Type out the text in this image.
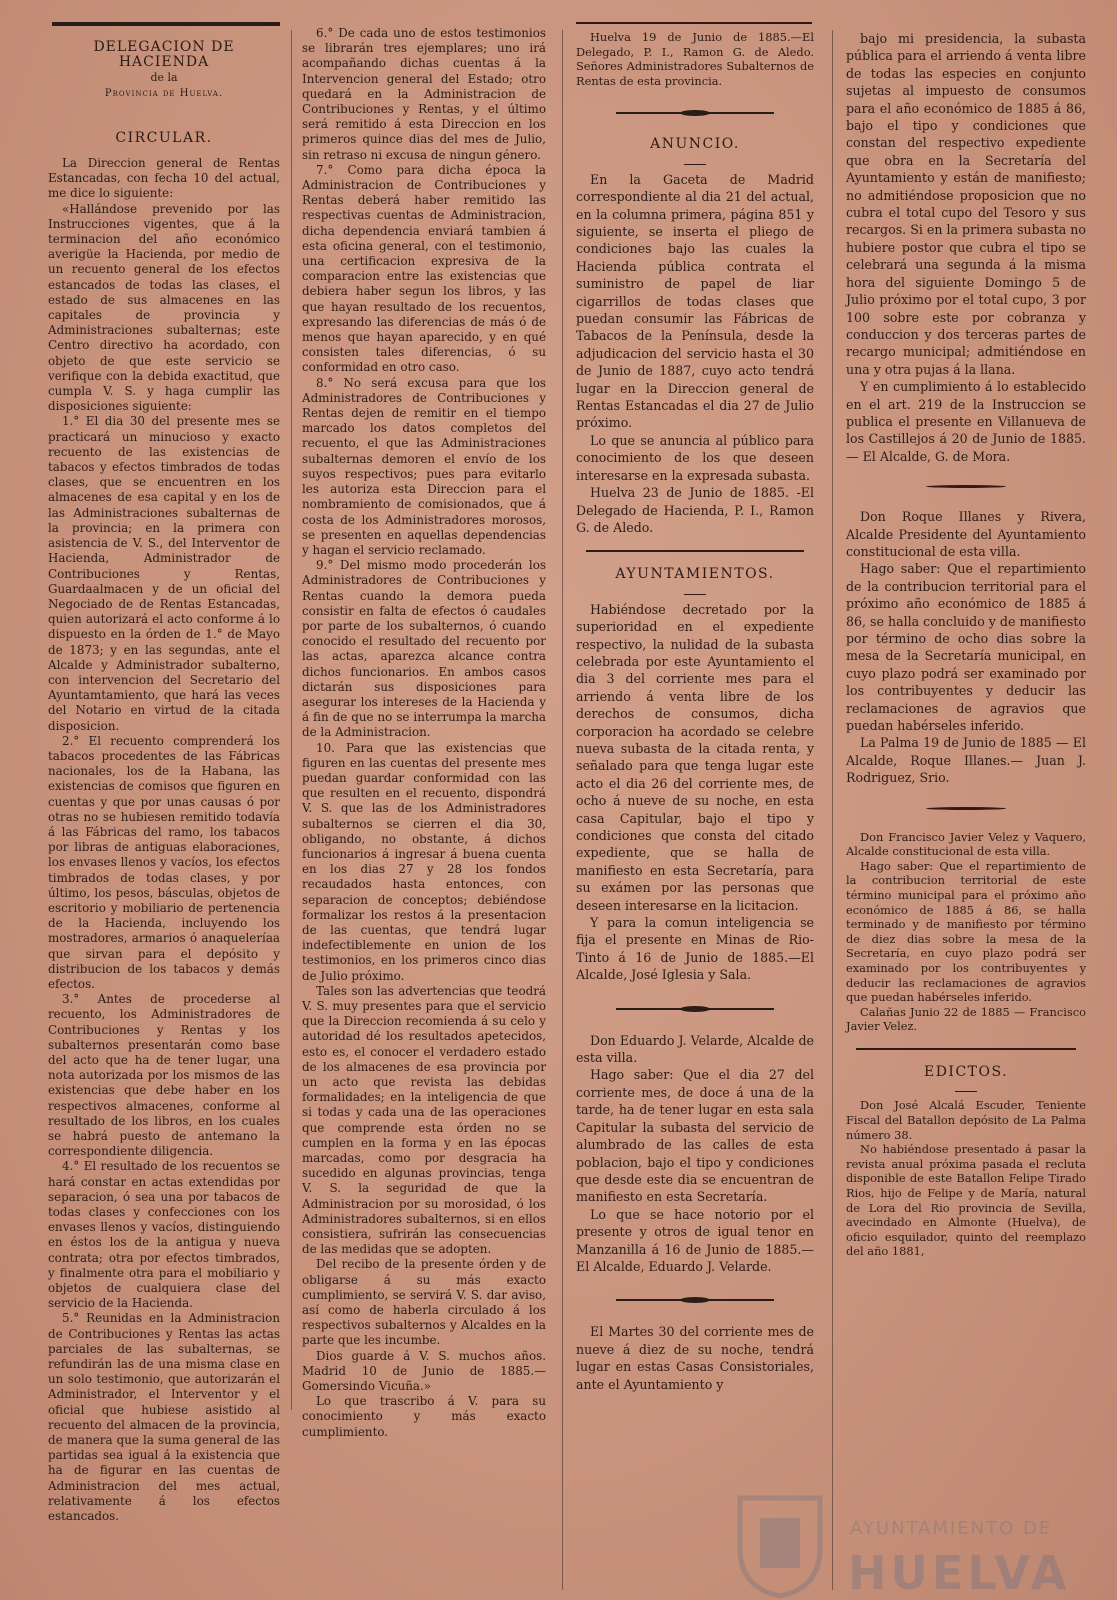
DELEGACION DE HACIENDA

de la

Provincia de Huelva.

CIRCULAR.

La Direccion general de Rentas Estancadas, con fecha 10 del actual, me dice lo siguiente:

«Hallándose prevenido por las Instrucciones vigentes, que á la terminacion del año económico averigüe la Hacienda, por medio de un recuento general de los efectos estancados de todas las clases, el estado de sus almacenes en las capitales de provincia y Administraciones subalternas; este Centro directivo ha acordado, con objeto de que este servicio se verifique con la debida exactitud, que cumpla V. S. y haga cumplir las disposiciones siguiente:

1.° El dia 30 del presente mes se practicará un minucioso y exacto recuento de las existencias de tabacos y efectos timbrados de todas clases, que se encuentren en los almacenes de esa capital y en los de las Administraciones subalternas de la provincia; en la primera con asistencia de V. S., del Interventor de Hacienda, Administrador de Contribuciones y Rentas, Guardaalmacen y de un oficial del Negociado de de Rentas Estancadas, quien autorizará el acto conforme á lo dispuesto en la órden de 1.° de Mayo de 1873; y en las segundas, ante el Alcalde y Administrador subalterno, con intervencion del Secretario del Ayuntamtamiento, que hará las veces del Notario en virtud de la citada disposicion.

2.° El recuento comprenderá los tabacos procedentes de las Fábricas nacionales, los de la Habana, las existencias de comisos que figuren en cuentas y que por unas causas ó por otras no se hubiesen remitido todavía á las Fábricas del ramo, los tabacos por libras de antiguas elaboraciones, los envases llenos y vacíos, los efectos timbrados de todas clases, y por último, los pesos, básculas, objetos de escritorio y mobiliario de pertenencia de la Hacienda, incluyendo los mostradores, armarios ó anaqueleríaa que sirvan para el depósito y distribucion de los tabacos y demás efectos.

3.° Antes de procederse al recuento, los Administradores de Contribuciones y Rentas y los subalternos presentarán como base del acto que ha de tener lugar, una nota autorizada por los mismos de las existencias que debe haber en los respectivos almacenes, conforme al resultado de los libros, en los cuales se habrá puesto de antemano la correspondiente diligencia.

4.° El resultado de los recuentos se hará constar en actas extendidas por separacion, ó sea una por tabacos de todas clases y confecciones con los envases llenos y vacíos, distinguiendo en éstos los de la antigua y nueva contrata; otra por efectos timbrados, y finalmente otra para el mobiliario y objetos de cualquiera clase del servicio de la Hacienda.

5.° Reunidas en la Administracion de Contribuciones y Rentas las actas parciales de las subalternas, se refundirán las de una misma clase en un solo testimonio, que autorizarán el Administrador, el Interventor y el oficial que hubiese asistido al recuento del almacen de la provincia, de manera que la suma general de las partidas sea igual á la existencia que ha de figurar en las cuentas de Administracion del mes actual, relativamente á los efectos estancados.

6.° De cada uno de estos testimonios se librarán tres ejemplares; uno irá acompañando dichas cuentas á la Intervencion general del Estado; otro quedará en la Administracion de Contribuciones y Rentas, y el último será remitido á esta Direccion en los primeros quince dias del mes de Julio, sin retraso ni excusa de ningun género.

7.° Como para dicha época la Administracion de Contribuciones y Rentas deberá haber remitido las respectivas cuentas de Administracion, dicha dependencia enviará tambien á esta oficina general, con el testimonio, una certificacion expresiva de la comparacion entre las existencias que debiera haber segun los libros, y las que hayan resultado de los recuentos, expresando las diferencias de más ó de menos que hayan aparecido, y en qué consisten tales diferencias, ó su conformidad en otro caso.

8.° No será excusa para que los Administradores de Contribuciones y Rentas dejen de remitir en el tiempo marcado los datos completos del recuento, el que las Administraciones subalternas demoren el envío de los suyos respectivos; pues para evitarlo les autoriza esta Direccion para el nombramiento de comisionados, que á costa de los Administradores morosos, se presenten en aquellas dependencias y hagan el servicio reclamado.

9.° Del mismo modo procederán los Administradores de Contribuciones y Rentas cuando la demora pueda consistir en falta de efectos ó caudales por parte de los subalternos, ó cuando conocido el resultado del recuento por las actas, aparezca alcance contra dichos funcionarios. En ambos casos dictarán sus disposiciones para asegurar los intereses de la Hacienda y á fin de que no se interrumpa la marcha de la Administracion.

10. Para que las existencias que figuren en las cuentas del presente mes puedan guardar conformidad con las que resulten en el recuento, dispondrá V. S. que las de los Administradores subalternos se cierren el dia 30, obligando, no obstante, á dichos funcionarios á ingresar á buena cuenta en los dias 27 y 28 los fondos recaudados hasta entonces, con separacion de conceptos; debiéndose formalizar los restos á la presentacion de las cuentas, que tendrá lugar indefectiblemente en union de los testimonios, en los primeros cinco dias de Julio próximo.

Tales son las advertencias que teodrá V. S. muy presentes para que el servicio que la Direccion recomienda á su celo y autoridad dé los resultados apetecidos, esto es, el conocer el verdadero estado de los almacenes de esa provincia por un acto que revista las debidas formalidades; en la inteligencia de que si todas y cada una de las operaciones que comprende esta órden no se cumplen en la forma y en las épocas marcadas, como por desgracia ha sucedido en algunas provincias, tenga V. S. la seguridad de que la Administracion por su morosidad, ó los Administradores subalternos, si en ellos consistiera, sufrirán las consecuencias de las medidas que se adopten.

Del recibo de la presente órden y de obligarse á su más exacto cumplimiento, se servirá V. S. dar aviso, así como de haberla circulado á los respectivos subalternos y Alcaldes en la parte que les incumbe.

Dios guarde á V. S. muchos años. Madrid 10 de Junio de 1885.—Gomersindo Vicuña.»

Lo que trascribo á V. para su conocimiento y más exacto cumplimiento.

Huelva 19 de Junio de 1885.—El Delegado, P. I., Ramon G. de Aledo. Señores Administradores Subalternos de Rentas de esta provincia.

ANUNCIO.

En la Gaceta de Madrid correspondiente al dia 21 del actual, en la columna primera, página 851 y siguiente, se inserta el pliego de condiciones bajo las cuales la Hacienda pública contrata el suministro de papel de liar cigarrillos de todas clases que puedan consumir las Fábricas de Tabacos de la Península, desde la adjudicacion del servicio hasta el 30 de Junio de 1887, cuyo acto tendrá lugar en la Direccion general de Rentas Estancadas el dia 27 de Julio próximo.

Lo que se anuncia al público para conocimiento de los que deseen interesarse en la expresada subasta.

Huelva 23 de Junio de 1885. -El Delegado de Hacienda, P. I., Ramon G. de Aledo.

AYUNTAMIENTOS.

Habiéndose decretado por la superioridad en el expediente respectivo, la nulidad de la subasta celebrada por este Ayuntamiento el dia 3 del corriente mes para el arriendo á venta libre de los derechos de consumos, dicha corporacion ha acordado se celebre nueva subasta de la citada renta, y señalado para que tenga lugar este acto el dia 26 del corriente mes, de ocho á nueve de su noche, en esta casa Capitular, bajo el tipo y condiciones que consta del citado expediente, que se halla de manifiesto en esta Secretaría, para su exámen por las personas que deseen interesarse en la licitacion.

Y para la comun inteligencia se fija el presente en Minas de Rio-Tinto á 16 de Junio de 1885.—El Alcalde, José Iglesia y Sala.

Don Eduardo J. Velarde, Alcalde de esta villa.

Hago saber: Que el dia 27 del corriente mes, de doce á una de la tarde, ha de tener lugar en esta sala Capitular la subasta del servicio de alumbrado de las calles de esta poblacion, bajo el tipo y condiciones que desde este dia se encuentran de manifiesto en esta Secretaría.

Lo que se hace notorio por el presente y otros de igual tenor en Manzanilla á 16 de Junio de 1885.—El Alcalde, Eduardo J. Velarde.

El Martes 30 del corriente mes de nueve á diez de su noche, tendrá lugar en estas Casas Consistoriales, ante el Ayuntamiento y

bajo mi presidencia, la subasta pública para el arriendo á venta libre de todas las especies en conjunto sujetas al impuesto de consumos para el año económico de 1885 á 86, bajo el tipo y condiciones que constan del respectivo expediente que obra en la Secretaría del Ayuntamiento y están de manifiesto; no admitiéndose proposicion que no cubra el total cupo del Tesoro y sus recargos. Si en la primera subasta no hubiere postor que cubra el tipo se celebrará una segunda á la misma hora del siguiente Domingo 5 de Julio próximo por el total cupo, 3 por 100 sobre este por cobranza y conduccion y dos terceras partes de recargo municipal; admitiéndose en una y otra pujas á la llana.

Y en cumplimiento á lo establecido en el art. 219 de la Instruccion se publica el presente en Villanueva de los Castillejos á 20 de Junio de 1885.— El Alcalde, G. de Mora.

Don Roque Illanes y Rivera, Alcalde Presidente del Ayuntamiento constitucional de esta villa.

Hago saber: Que el repartimiento de la contribucion territorial para el próximo año económico de 1885 á 86, se halla concluido y de manifiesto por término de ocho dias sobre la mesa de la Secretaría municipal, en cuyo plazo podrá ser examinado por los contribuyentes y deducir las reclamaciones de agravios que puedan habérseles inferido.

La Palma 19 de Junio de 1885 — El Alcalde, Roque Illanes.— Juan J. Rodriguez, Srio.

Don Francisco Javier Velez y Vaquero, Alcalde constitucional de esta villa.

Hago saber: Que el repartimiento de la contribucion territorial de este término municipal para el próximo año económico de 1885 á 86, se halla terminado y de manifiesto por término de diez dias sobre la mesa de la Secretaría, en cuyo plazo podrá ser examinado por los contribuyentes y deducir las reclamaciones de agravios que puedan habérseles inferido.

Calañas Junio 22 de 1885 — Francisco Javier Velez.

EDICTOS.

Don José Alcalá Escuder, Teniente Fiscal del Batallon depósito de La Palma número 38.

No habiéndose presentado á pasar la revista anual próxima pasada el recluta disponible de este Batallon Felipe Tirado Rios, hijo de Felipe y de María, natural de Lora del Rio provincia de Sevilla, avecindado en Almonte (Huelva), de oficio esquilador, quinto del reemplazo del año 1881,

AYUNTAMIENTO DE
HUELVA
